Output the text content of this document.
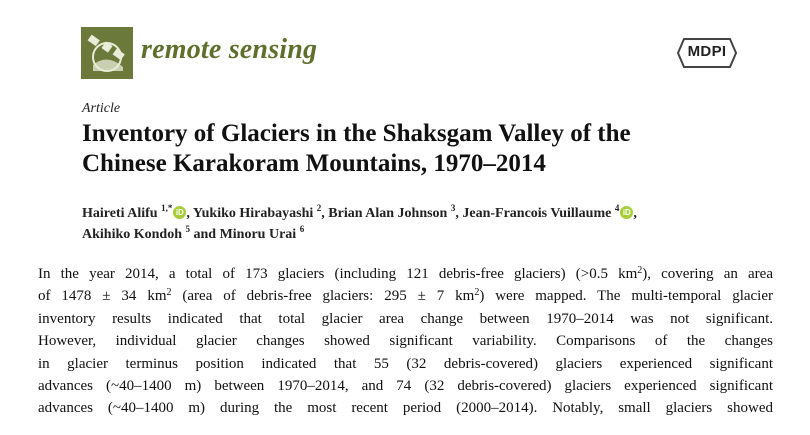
remote sensing	MDPI
Article
Inventory of Glaciers in the Shaksgam Valley of the
Chinese Karakoram Mountains, 1970–2014
Haireti Alifu $^{1,*}$ iD , Yukiko Hirabayashi $^2$, Brian Alan Johnson $^3$, Jean-Francois Vuillaume $^4$ iD ,
Akihiko Kondoh $^5$ and Minoru Urai $^6$
In the year 2014, a total of 173 glaciers (including 121 debris-free glaciers) (>0.5 $km^2$), covering an area
of 1478 ± 34 $km^2$ (area of debris-free glaciers: 295 ± 7 $km^2$) were mapped. The multi-temporal glacier
inventory results indicated that total glacier area change between 1970–2014 was not significant.
However, individual glacier changes showed significant variability. Comparisons of the changes
in glacier terminus position indicated that 55 (32 debris-covered) glaciers experienced significant
advances (~40–1400 m) between 1970–2014, and 74 (32 debris-covered) glaciers experienced significant
advances (~40–1400 m) during the most recent period (2000–2014). Notably, small glaciers showed
